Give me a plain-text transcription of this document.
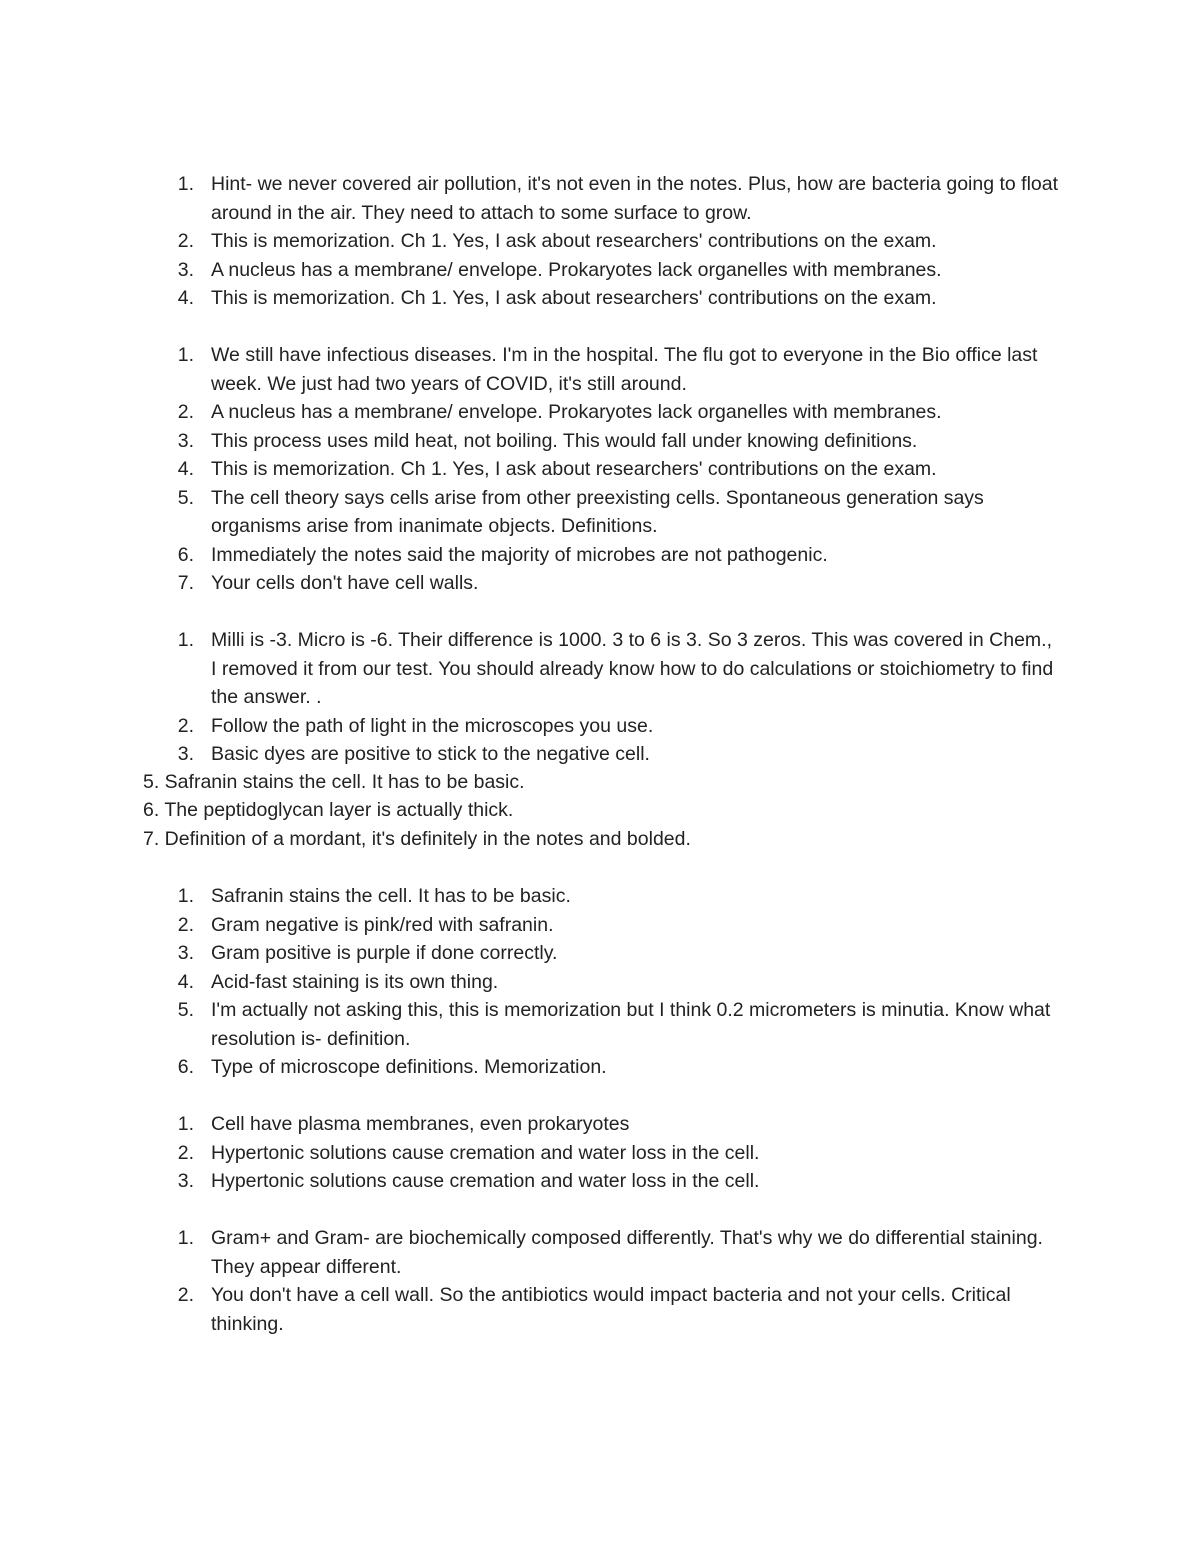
1. Hint- we never covered air pollution, it's not even in the notes. Plus, how are bacteria going to float around in the air. They need to attach to some surface to grow.
2. This is memorization. Ch 1. Yes, I ask about researchers' contributions on the exam.
3. A nucleus has a membrane/ envelope. Prokaryotes lack organelles with membranes.
4. This is memorization. Ch 1. Yes, I ask about researchers' contributions on the exam.
1. We still have infectious diseases. I'm in the hospital. The flu got to everyone in the Bio office last week. We just had two years of COVID, it's still around.
2. A nucleus has a membrane/ envelope. Prokaryotes lack organelles with membranes.
3. This process uses mild heat, not boiling. This would fall under knowing definitions.
4. This is memorization. Ch 1. Yes, I ask about researchers' contributions on the exam.
5. The cell theory says cells arise from other preexisting cells. Spontaneous generation says organisms arise from inanimate objects. Definitions.
6. Immediately the notes said the majority of microbes are not pathogenic.
7. Your cells don't have cell walls.
1. Milli is -3. Micro is -6. Their difference is 1000. 3 to 6 is 3. So 3 zeros. This was covered in Chem., I removed it from our test. You should already know how to do calculations or stoichiometry to find the answer. .
2. Follow the path of light in the microscopes you use.
3. Basic dyes are positive to stick to the negative cell.
5. Safranin stains the cell. It has to be basic.
6. The peptidoglycan layer is actually thick.
7. Definition of a mordant, it's definitely in the notes and bolded.
1. Safranin stains the cell. It has to be basic.
2. Gram negative is pink/red with safranin.
3. Gram positive is purple if done correctly.
4. Acid-fast staining is its own thing.
5. I'm actually not asking this, this is memorization but I think 0.2 micrometers is minutia. Know what resolution is- definition.
6. Type of microscope definitions. Memorization.
1. Cell have plasma membranes, even prokaryotes
2. Hypertonic solutions cause cremation and water loss in the cell.
3. Hypertonic solutions cause cremation and water loss in the cell.
1. Gram+ and Gram- are biochemically composed differently. That's why we do differential staining. They appear different.
2. You don't have a cell wall. So the antibiotics would impact bacteria and not your cells. Critical thinking.
